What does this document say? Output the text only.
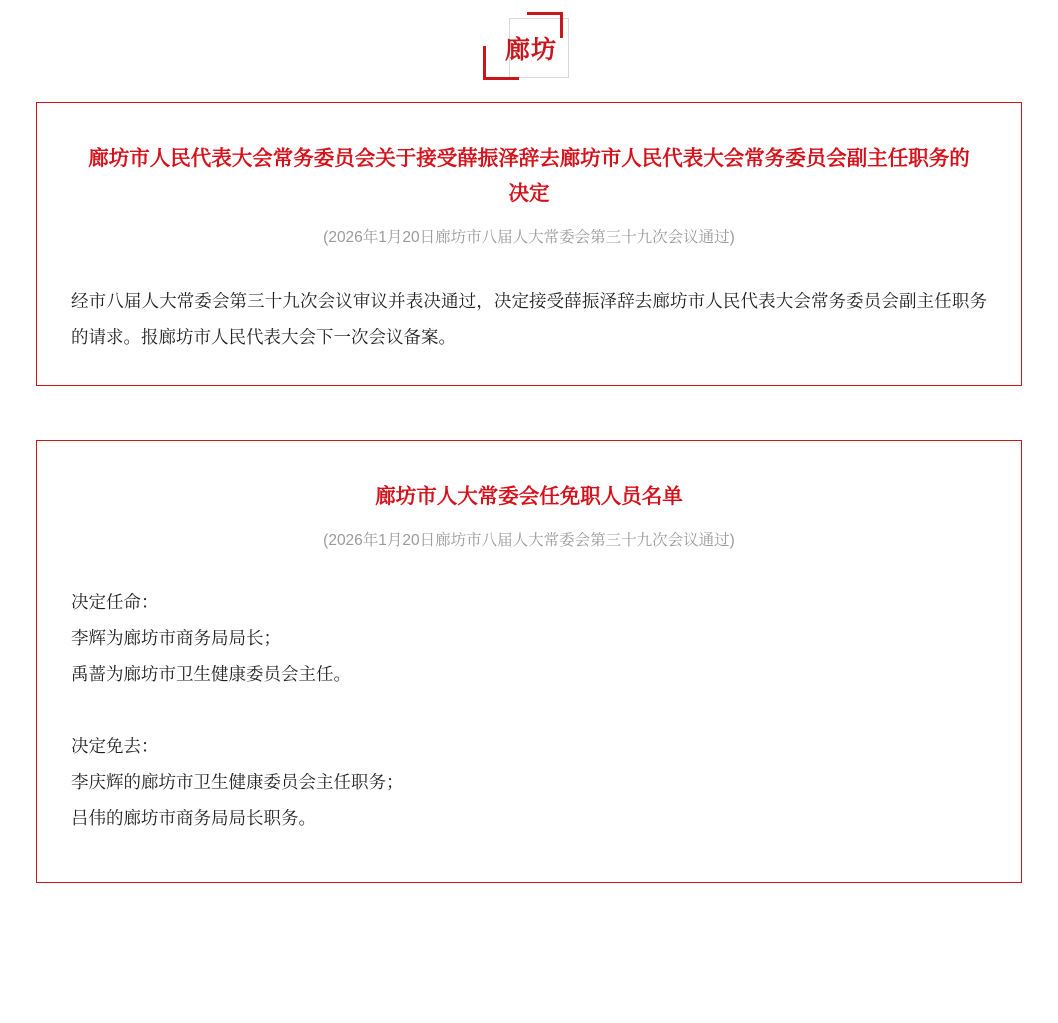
廊坊
廊坊市人民代表大会常务委员会关于接受薛振泽辞去廊坊市人民代表大会常务委员会副主任职务的决定
(2026年1月20日廊坊市八届人大常委会第三十九次会议通过)

经市八届人大常委会第三十九次会议审议并表决通过，决定接受薛振泽辞去廊坊市人民代表大会常务委员会副主任职务的请求。报廊坊市人民代表大会下一次会议备案。

廊坊市人大常委会任免职人员名单
(2026年1月20日廊坊市八届人大常委会第三十九次会议通过)
决定任命：
李辉为廊坊市商务局局长；
禹蔷为廊坊市卫生健康委员会主任。
决定免去：
李庆辉的廊坊市卫生健康委员会主任职务；
吕伟的廊坊市商务局局长职务。
